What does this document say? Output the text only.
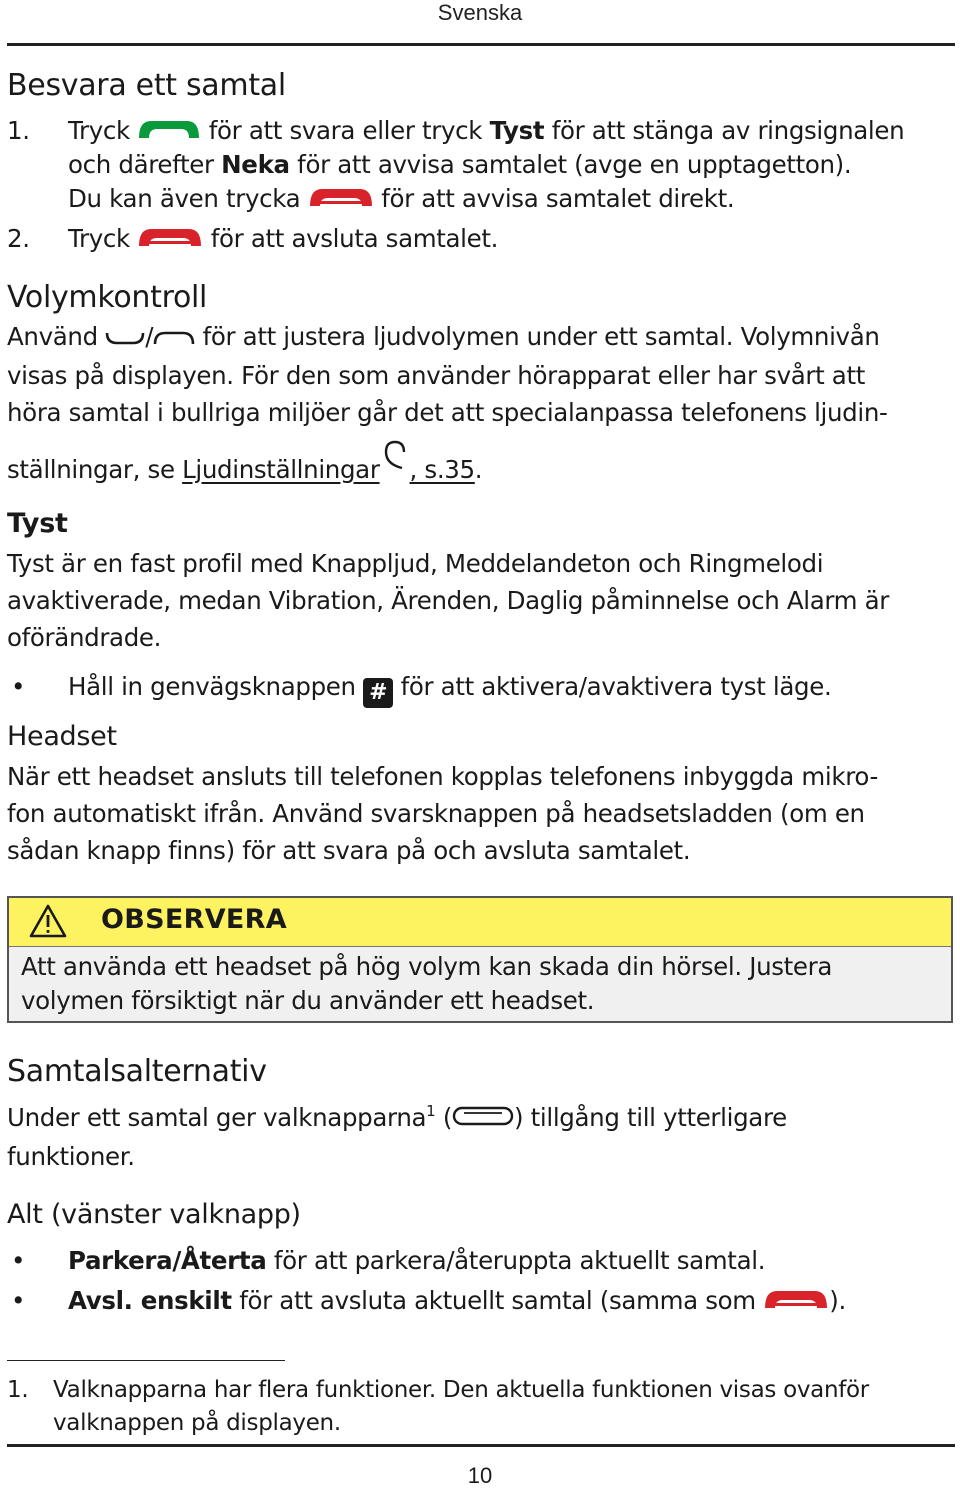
Svenska
Besvara ett samtal
1. Tryck	för att svara eller tryck Tyst för att stänga av ringsignalen
och därefter Neka för att avvisa samtalet (avge en upptagetton).
Du kan även trycka	för att avvisa samtalet direkt.
2. Tryck	för att avsluta samtalet.
Volymkontroll
Använd / för att justera ljudvolymen under ett samtal. Volymnivån
visas på displayen. För den som använder hörapparat eller har svårt att
höra samtal i bullriga miljöer går det att specialanpassa telefonens ljudin-
ställningar, se Ljudinställningar , s.35.
Tyst
Tyst är en fast profil med Knappljud, Meddelandeton och Ringmelodi
avaktiverade, medan Vibration, Ärenden, Daglig påminnelse och Alarm är
oförändrade.
• Håll in genvägsknappen # för att aktivera/avaktivera tyst läge.
Headset
När ett headset ansluts till telefonen kopplas telefonens inbyggda mikro-
fon automatiskt ifrån. Använd svarsknappen på headsetsladden (om en
sådan knapp finns) för att svara på och avsluta samtalet.
OBSERVERA
Att använda ett headset på hög volym kan skada din hörsel. Justera
volymen försiktigt när du använder ett headset.
Samtalsalternativ
Under ett samtal ger valknapparna$^1$ (	) tillgång till ytterligare
funktioner.
Alt (vänster valknapp)
• Parkera/Återta för att parkera/återuppta aktuellt samtal.
• Avsl. enskilt för att avsluta aktuellt samtal (samma som	).
1. Valknapparna har flera funktioner. Den aktuella funktionen visas ovanför
valknappen på displayen.
10
